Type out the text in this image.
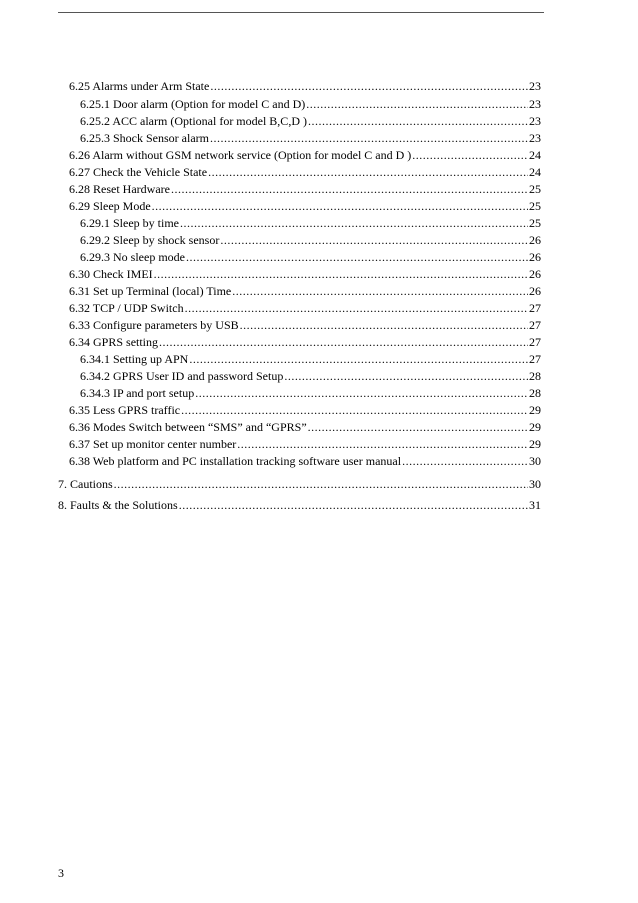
6.25 Alarms under Arm State .....	23
6.25.1 Door alarm (Option for model C and D) .....	23
6.25.2 ACC alarm (Optional for model B,C,D ) .....	23
6.25.3 Shock Sensor alarm .....	23
6.26 Alarm without GSM network service (Option for model C and D ) .....	24
6.27 Check the Vehicle State .....	24
6.28 Reset Hardware .....	25
6.29 Sleep Mode .....	25
6.29.1 Sleep by time .....	25
6.29.2 Sleep by shock sensor .....	26
6.29.3 No sleep mode .....	26
6.30 Check IMEI .....	26
6.31 Set up Terminal (local) Time .....	26
6.32 TCP / UDP Switch .....	27
6.33 Configure parameters by USB .....	27
6.34 GPRS setting .....	27
6.34.1 Setting up APN .....	27
6.34.2 GPRS User ID and password Setup .....	28
6.34.3 IP and port setup .....	28
6.35 Less GPRS traffic .....	29
6.36 Modes Switch between “SMS” and “GPRS” .....	29
6.37 Set up monitor center number .....	29
6.38 Web platform and PC installation tracking software user manual .....	30
7. Cautions .....	30
8. Faults & the Solutions .....	31
3
